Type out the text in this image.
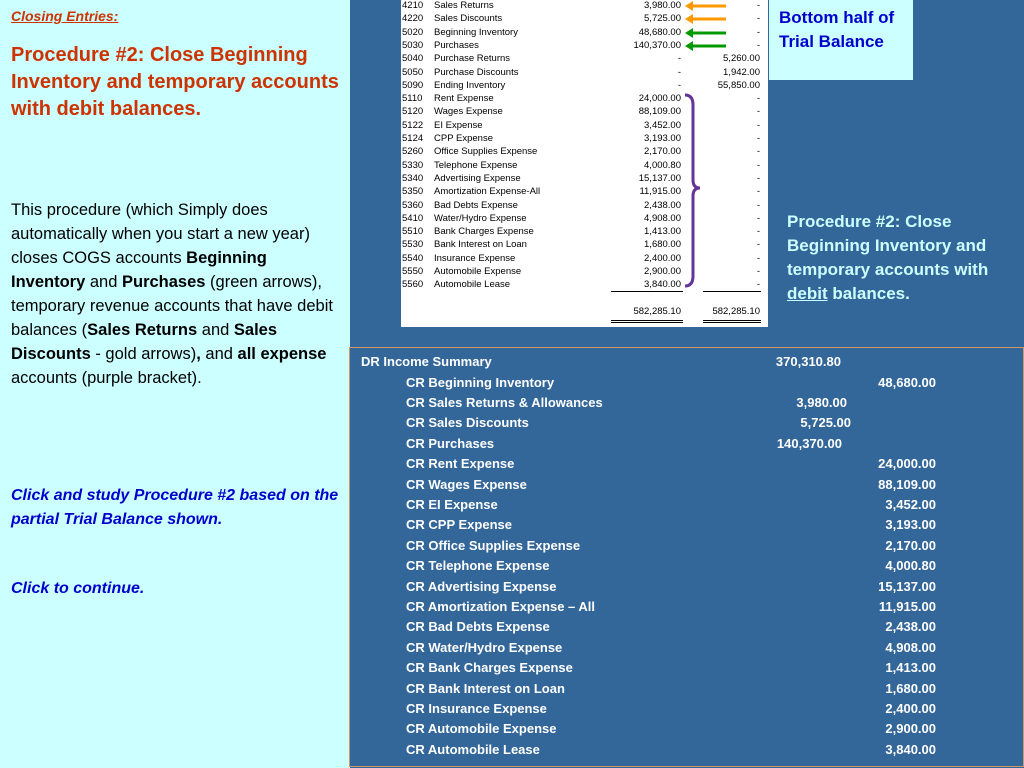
Closing Entries:

Procedure #2: Close Beginning Inventory and temporary accounts with debit balances.

This procedure (which Simply does automatically when you start a new year) closes COGS accounts Beginning Inventory and Purchases (green arrows), temporary revenue accounts that have debit balances (Sales Returns and Sales Discounts - gold arrows), and all expense accounts (purple bracket).
Click and study Procedure #2 based on the partial Trial Balance shown.
Click to continue.
4210 Sales Returns	3,980.00	-
4220 Sales Discounts	5,725.00	-
5020 Beginning Inventory	48,680.00	-
5030 Purchases	140,370.00	-
5040 Purchase Returns	-	5,260.00
5050 Purchase Discounts	-	1,942.00
5090 Ending Inventory	-	55,850.00
5110 Rent Expense	24,000.00	-
5120 Wages Expense	88,109.00	-
5122 EI Expense	3,452.00	-
5124 CPP Expense	3,193.00	-
5260 Office Supplies Expense	2,170.00	-
5330 Telephone Expense	4,000.80	-
5340 Advertising Expense	15,137.00	-
5350 Amortization Expense-All	11,915.00	-
5360 Bad Debts Expense	2,438.00	-
5410 Water/Hydro Expense	4,908.00	-
5510 Bank Charges Expense	1,413.00	-
5530 Bank Interest on Loan	1,680.00	-
5540 Insurance Expense	2,400.00	-
5550 Automobile Expense	2,900.00	-
5560 Automobile Lease	3,840.00	-
582,285.10	582,285.10
Bottom half of Trial Balance
Procedure #2: Close Beginning Inventory and temporary accounts with debit balances.
DR Income Summary	370,310.80
CR Beginning Inventory	48,680.00
CR Sales Returns & Allowances	3,980.00
CR Sales Discounts	5,725.00
CR Purchases	140,370.00
CR Rent Expense	24,000.00
CR Wages Expense	88,109.00
CR EI Expense	3,452.00
CR CPP Expense	3,193.00
CR Office Supplies Expense	2,170.00
CR Telephone Expense	4,000.80
CR Advertising Expense	15,137.00
CR Amortization Expense – All	11,915.00
CR Bad Debts Expense	2,438.00
CR Water/Hydro Expense	4,908.00
CR Bank Charges Expense	1,413.00
CR Bank Interest on Loan	1,680.00
CR Insurance Expense	2,400.00
CR Automobile Expense	2,900.00
CR Automobile Lease	3,840.00
